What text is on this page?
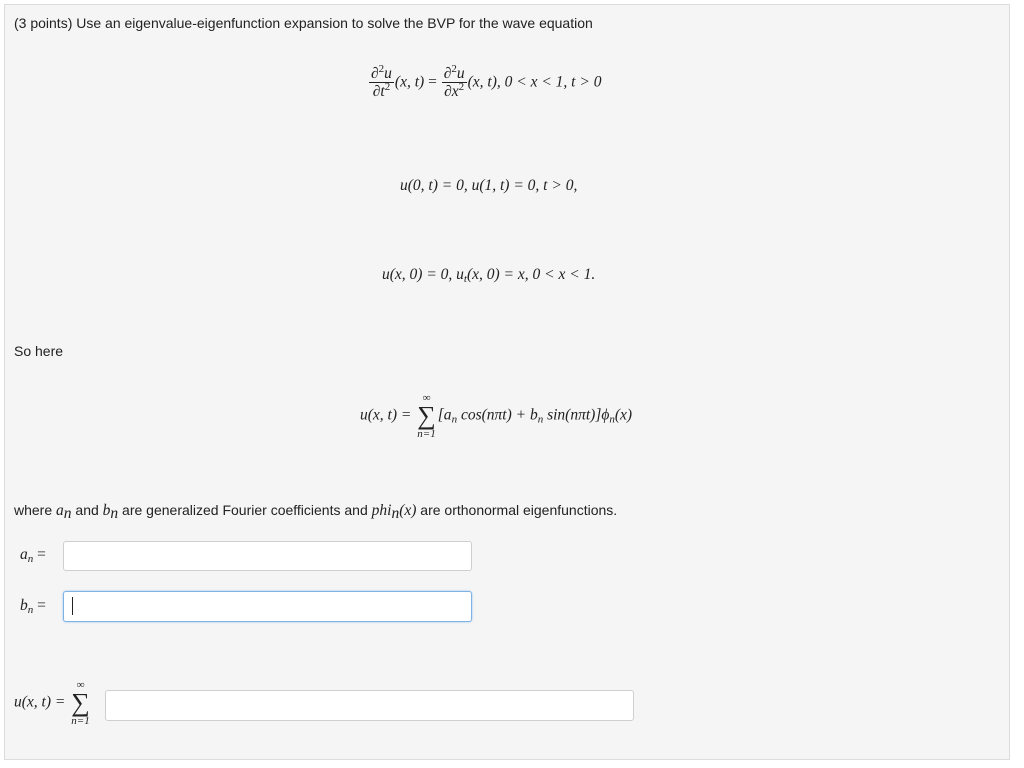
(3 points) Use an eigenvalue-eigenfunction expansion to solve the BVP for the wave equation
$\frac{\partial^2u}{\partial t^2} (x$, $t) = \frac{\partial^2u}{\partial x^2} (x$, t), 0 < x < 1, t > 0
u(0, t) = 0, u(1, t) = 0, t > 0,
u(x, 0) = 0, $u_t(x$, 0) = x, 0 < x < 1.
So here
u(x, t) =
∞
∑
n=1
[$a_n$ $\cos(n\pi t) + b_n$ $\sin(n\pi t)]\phi_n(x)$
where $a_n$ and $b_n$ are generalized Fourier coefficients and phi$_n$(x) are orthonormal eigenfunctions.
$a_n$ =
$b_n$ =
u(x, t) =
∞
∑
n=1
